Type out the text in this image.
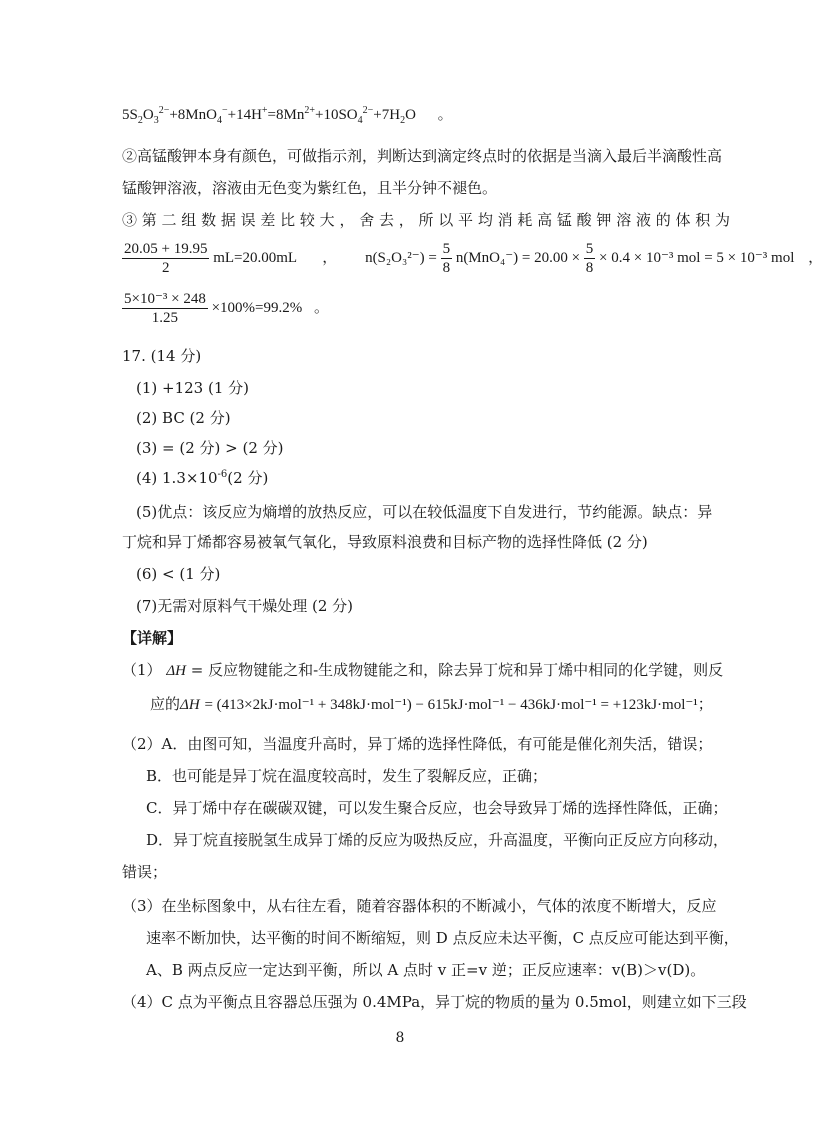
$5S_2O_3^{2-}+8MnO_4^-+14H^+=8Mn^{2+}+10SO_4^{2-}+7H_2O$ 。
②高锰酸钾本身有颜色，可做指示剂，判断达到滴定终点时的依据是当滴入最后半滴酸性高
锰酸钾溶液，溶液由无色变为紫红色，且半分钟不褪色。
③ 第 二 组 数 据 误 差 比 较 大 ， 舍 去 ， 所 以 平 均 消 耗 高 锰 酸 钾 溶 液 的 体 积 为
$\frac{20.05 + 19.95}{2} mL=20.00mL$ ， $n(S_2O_3^{2-}) = \frac{5}{8} n(MnO_4^-) = 20.00 \times \frac{5}{8} \times 0.4 \times 10^{-3}$ mol = 5 × 10⁻³ mol ，
$\frac{\text{5×10⁻³ × 248}}{1.25} \times 100\%=99.2\%$ 。
17. (14 分)
(1) +123 (1 分)
(2) BC (2 分)
(3) = (2 分) > (2 分)
(4) $1.3\times 10^{-6}(2$ 分)
(5)优点：该反应为熵增的放热反应，可以在较低温度下自发进行，节约能源。缺点：异
丁烷和异丁烯都容易被氧气氧化，导致原料浪费和目标产物的选择性降低 (2 分)
(6) < (1 分)
(7)无需对原料气干燥处理 (2 分)
【详解】
（1） ΔH = 反应物键能之和-生成物键能之和，除去异丁烷和异丁烯中相同的化学键，则反
应的ΔH = (413×2kJ·mol⁻¹ + 348kJ·mol⁻¹) − 615kJ·mol⁻¹ − 436kJ·mol⁻¹ = +123kJ·mol⁻¹；
（2）A．由图可知，当温度升高时，异丁烯的选择性降低，有可能是催化剂失活，错误；
B．也可能是异丁烷在温度较高时，发生了裂解反应，正确；
C．异丁烯中存在碳碳双键，可以发生聚合反应，也会导致异丁烯的选择性降低，正确；
D．异丁烷直接脱氢生成异丁烯的反应为吸热反应，升高温度，平衡向正反应方向移动，
错误；
（3）在坐标图象中，从右往左看，随着容器体积的不断减小，气体的浓度不断增大，反应
速率不断加快，达平衡的时间不断缩短，则 D 点反应未达平衡，C 点反应可能达到平衡，
A、B 两点反应一定达到平衡，所以 A 点时 v 正=v 逆；正反应速率：v(B)＞v(D)。
（4）C 点为平衡点且容器总压强为 0.4MPa，异丁烷的物质的量为 0.5mol，则建立如下三段
8
